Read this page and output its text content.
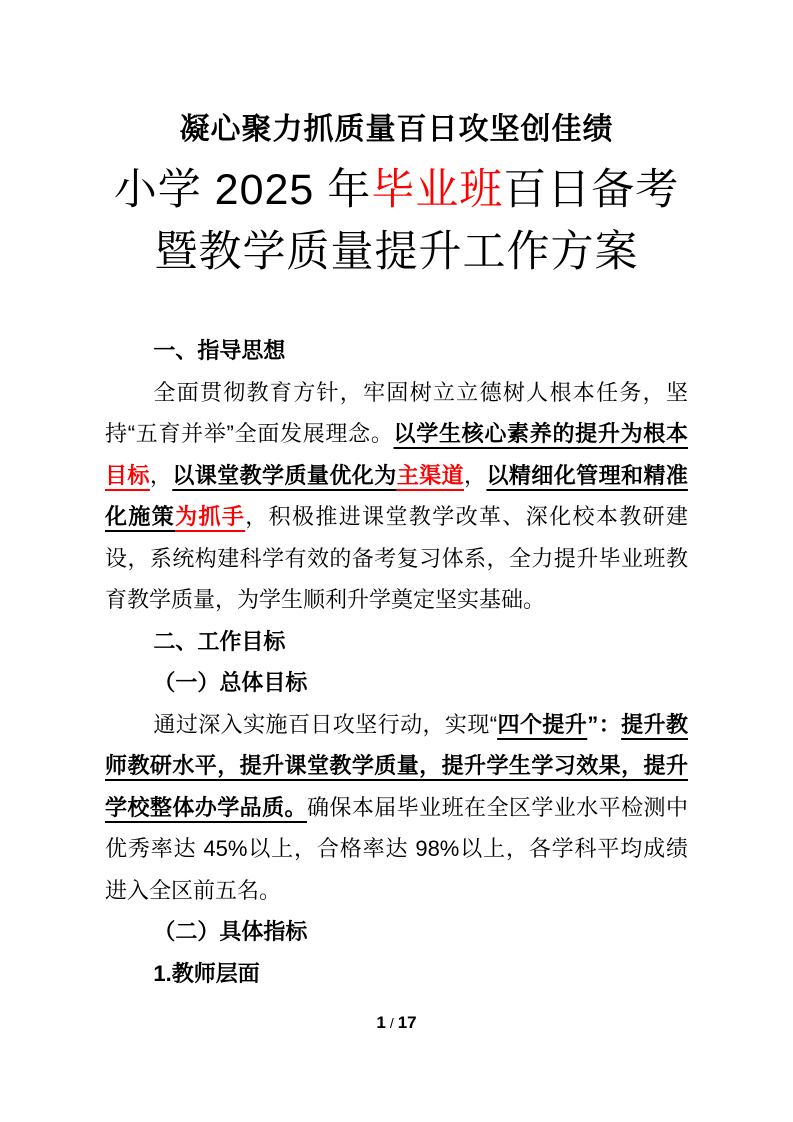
凝心聚力抓质量百日攻坚创佳绩
小学 2025 年毕业班百日备考
暨教学质量提升工作方案

一、指导思想

全面贯彻教育方针，牢固树立立德树人根本任务，坚持“五育并举”全面发展理念。以学生核心素养的提升为根本目标，以课堂教学质量优化为主渠道，以精细化管理和精准化施策为抓手，积极推进课堂教学改革、深化校本教研建设，系统构建科学有效的备考复习体系，全力提升毕业班教育教学质量，为学生顺利升学奠定坚实基础。

二、工作目标

（一）总体目标

通过深入实施百日攻坚行动，实现“四个提升”：提升教师教研水平，提升课堂教学质量，提升学生学习效果，提升学校整体办学品质。确保本届毕业班在全区学业水平检测中优秀率达 45%以上，合格率达 98%以上，各学科平均成绩进入全区前五名。

（二）具体指标

1.教师层面

1 / 17
